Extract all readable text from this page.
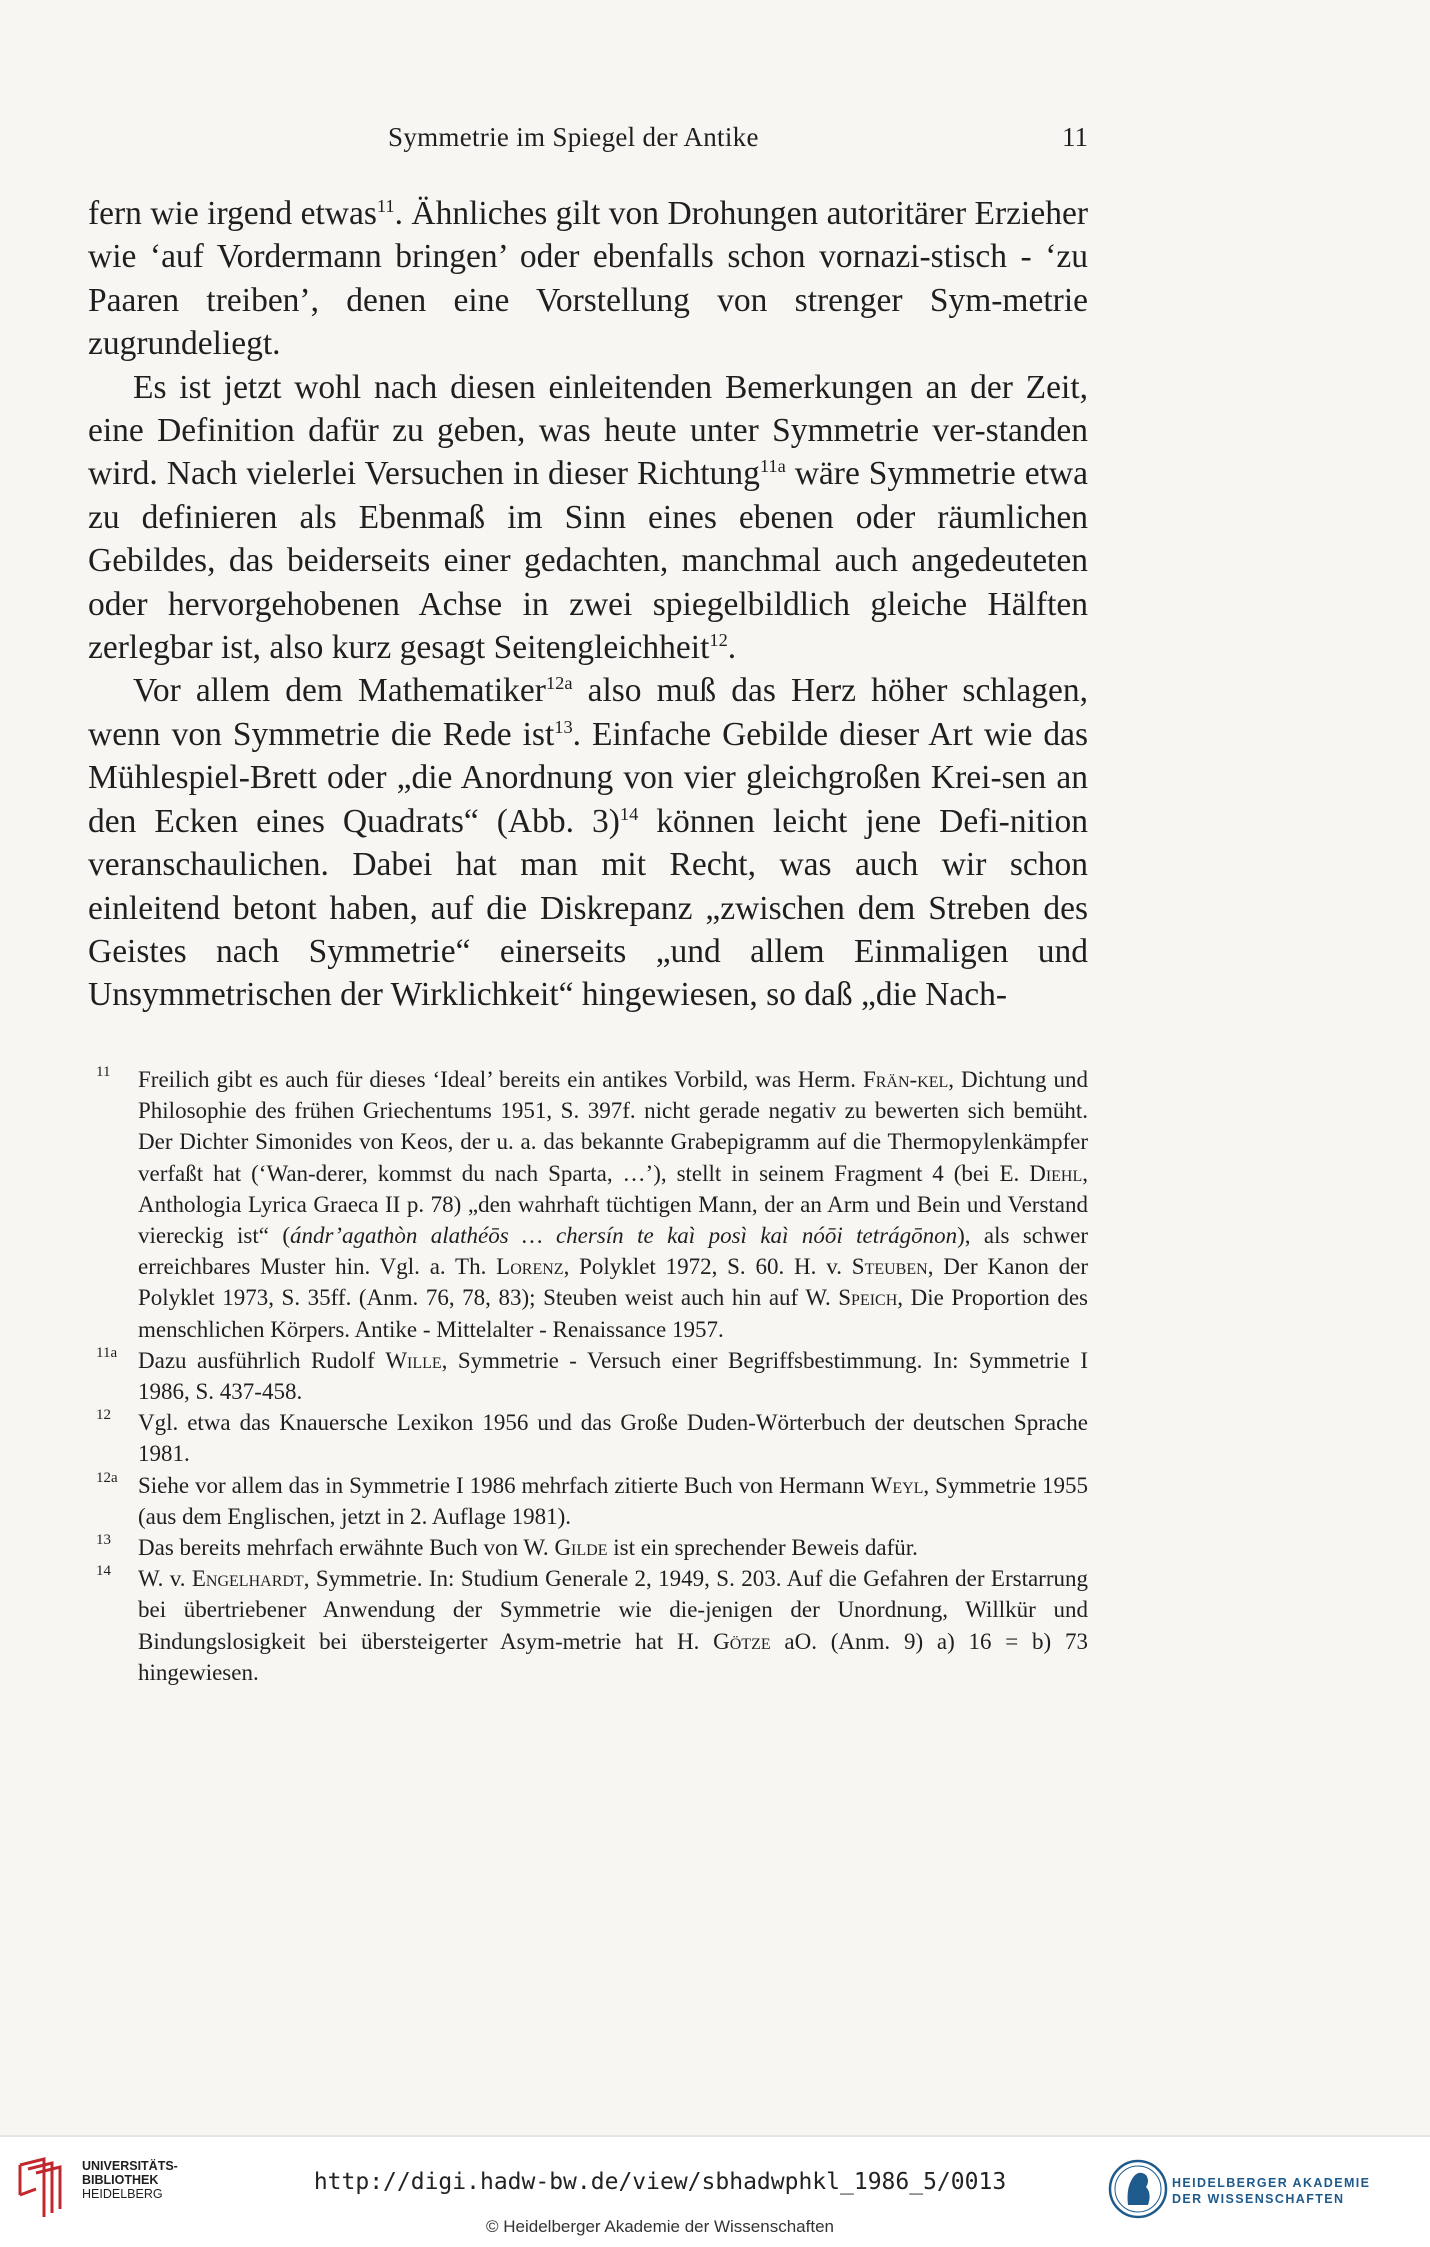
Symmetrie im Spiegel der Antike	11

fern wie irgend etwas$^{11}$. Ähnliches gilt von Drohungen autoritärer Erzieher wie ‘auf Vordermann bringen’ oder ebenfalls schon vornazi-stisch - ‘zu Paaren treiben’, denen eine Vorstellung von strenger Sym-metrie zugrundeliegt.

Es ist jetzt wohl nach diesen einleitenden Bemerkungen an der Zeit, eine Definition dafür zu geben, was heute unter Symmetrie ver-standen wird. Nach vielerlei Versuchen in dieser Richtung$^{11a}$ wäre Symmetrie etwa zu definieren als Ebenmaß im Sinn eines ebenen oder räumlichen Gebildes, das beiderseits einer gedachten, manchmal auch angedeuteten oder hervorgehobenen Achse in zwei spiegelbildlich gleiche Hälften zerlegbar ist, also kurz gesagt Seitengleichheit$^{12}$.

Vor allem dem Mathematiker$^{12a}$ also muß das Herz höher schlagen, wenn von Symmetrie die Rede ist$^{13}$. Einfache Gebilde dieser Art wie das Mühlespiel-Brett oder „die Anordnung von vier gleichgroßen Krei-sen an den Ecken eines Quadrats“ (Abb. 3)$^{14}$ können leicht jene Defi-nition veranschaulichen. Dabei hat man mit Recht, was auch wir schon einleitend betont haben, auf die Diskrepanz „zwischen dem Streben des Geistes nach Symmetrie“ einerseits „und allem Einmaligen und Unsymmetrischen der Wirklichkeit“ hingewiesen, so daß „die Nach-

11 Freilich gibt es auch für dieses ‘Ideal’ bereits ein antikes Vorbild, was Herm. Frän-kel, Dichtung und Philosophie des frühen Griechentums 1951, S. 397f. nicht gerade negativ zu bewerten sich bemüht. Der Dichter Simonides von Keos, der u. a. das bekannte Grabepigramm auf die Thermopylenkämpfer verfaßt hat (‘Wan-derer, kommst du nach Sparta, …’), stellt in seinem Fragment 4 (bei E. Diehl, Anthologia Lyrica Graeca II p. 78) „den wahrhaft tüchtigen Mann, der an Arm und Bein und Verstand viereckig ist“ (ándr’agathòn alathéōs … chersín te kaì posì kaì nóōi tetrágōnon), als schwer erreichbares Muster hin. Vgl. a. Th. Lorenz, Polyklet 1972, S. 60. H. v. Steuben, Der Kanon der Polyklet 1973, S. 35ff. (Anm. 76, 78, 83); Steuben weist auch hin auf W. Speich, Die Proportion des menschlichen Körpers. Antike - Mittelalter - Renaissance 1957.
11a Dazu ausführlich Rudolf Wille, Symmetrie - Versuch einer Begriffsbestimmung. In: Symmetrie I 1986, S. 437-458.
12 Vgl. etwa das Knauersche Lexikon 1956 und das Große Duden-Wörterbuch der deutschen Sprache 1981.
12a Siehe vor allem das in Symmetrie I 1986 mehrfach zitierte Buch von Hermann Weyl, Symmetrie 1955 (aus dem Englischen, jetzt in 2. Auflage 1981).
13 Das bereits mehrfach erwähnte Buch von W. Gilde ist ein sprechender Beweis dafür.
14 W. v. Engelhardt, Symmetrie. In: Studium Generale 2, 1949, S. 203. Auf die Gefahren der Erstarrung bei übertriebener Anwendung der Symmetrie wie die-jenigen der Unordnung, Willkür und Bindungslosigkeit bei übersteigerter Asym-metrie hat H. Götze aO. (Anm. 9) a) 16 = b) 73 hingewiesen.
UNIVERSITÄTS-
BIBLIOTHEK
HEIDELBERG	http://digi.hadw-bw.de/view/sbhadwphkl_1986_5/0013
© Heidelberger Akademie der Wissenschaften
HEIDELBERGER AKADEMIE
DER WISSENSCHAFTEN
